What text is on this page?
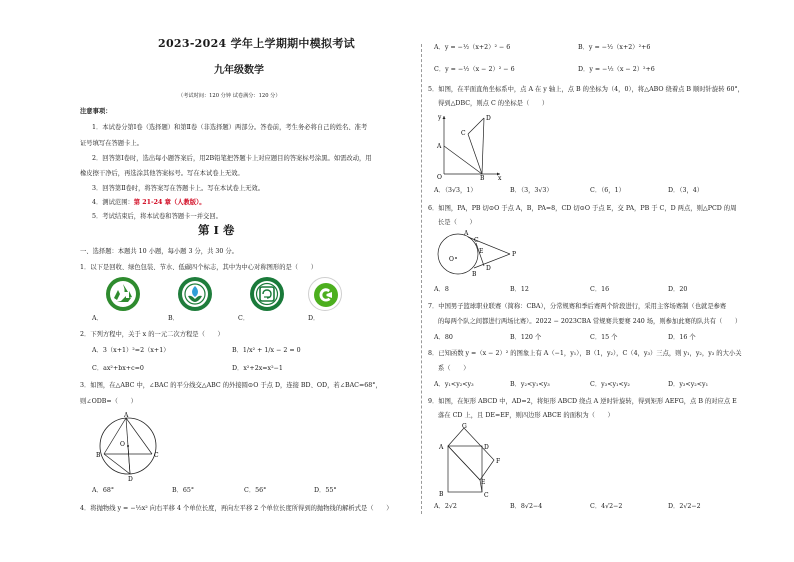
2023-2024 学年上学期期中模拟考试
九年级数学
（考试时间：120 分钟 试卷满分：120 分）
注意事项：
1．本试卷分第Ⅰ卷（选择题）和第Ⅱ卷（非选择题）两部分。答卷前，考生务必将自己的姓名、准考
证号填写在答题卡上。
2．回答第Ⅰ卷时，选出每小题答案后，用2B铅笔把答题卡上对应题目的答案标号涂黑。如需改动，用
橡皮擦干净后，再选涂其他答案标号。写在本试卷上无效。
3．回答第Ⅱ卷时，将答案写在答题卡上。写在本试卷上无效。
4．测试范围：第 21-24 章（人教版）。
5．考试结束后，将本试卷和答题卡一并交回。
第 Ⅰ 卷
一、选择题：本题共 10 小题，每小题 3 分，共 30 分。
1．以下是回收、绿色包装、节水、低碳四个标志，其中为中心对称图形的是（　　）
A．	B．	C．	D．
2．下列方程中，关于 x 的一元二次方程是（　　）
A．3（x+1）²=2（x+1）	B．1/x² + 1/x − 2 = 0
C．ax²+bx+c=0	D．x²+2x=x²−1
3．如图，在△ABC 中，∠BAC 的平分线交△ABC 的外接圆⊙O 于点 D，连接 BD、OD，若∠BAC=68°，
则∠ODB=（　　）
A
O
B	C
D
A．68°	B．65°	C．56°	D．55°
4．将抛物线 y = −½x² 向右平移 4 个单位长度，再向左平移 2 个单位长度所得到的抛物线的解析式是（　　）
A．y = −½（x+2）² − 6	B．y = −½（x+2）²+6
C．y = −½（x − 2）² − 6	D．y = −½（x − 2）²+6
5．如图，在平面直角坐标系中，点 A 在 y 轴上，点 B 的坐标为（4，0），将△ABO 绕着点 B 顺时针旋转 60°，
得到△DBC，则点 C 的坐标是（　　）
y	D
C
A
O	B x
A．（3√3，1）	B．（3，3√3）	C．（6，1）	D．（3，4）
6．如图，PA，PB 切⊙O 于点 A，B，PA=8，CD 切⊙O 于点 E，交 PA，PB 于 C，D 两点，则△PCD 的周
长是（　　）
A
C
E	P
O
D
B
A．8	B．12	C．16	D．20
7．中国男子篮球职业联赛（简称：CBA），分常规赛和季后赛两个阶段进行，采用主客场赛制（也就是参赛
的每两个队之间都进行两场比赛）。2022 − 2023CBA 常规赛共要赛 240 场，则参加此赛的队共有（　　）
A．80	B．120 个	C．15 个	D．16 个
8．已知函数 y =（x − 2）² 的图象上有 A（−1，y₁），B（1，y₂），C（4，y₃）三点，则 y₁，y₂，y₃ 的大小关
系（　　）
A．y₁<y₂<y₃	B．y₂<y₁<y₃	C．y₃<y₁<y₂	D．y₃<y₂<y₁
9．如图，在矩形 ABCD 中，AD=2，将矩形 ABCD 绕点 A 逆时针旋转，得到矩形 AEFG，点 B 的对应点 E
落在 CD 上，且 DE=EF，则四边形 ABCE 的面积为（　　）
G
A	D
F
E
B	C
A．2√2	B．8√2−4	C．4√2−2	D．2√2−2
